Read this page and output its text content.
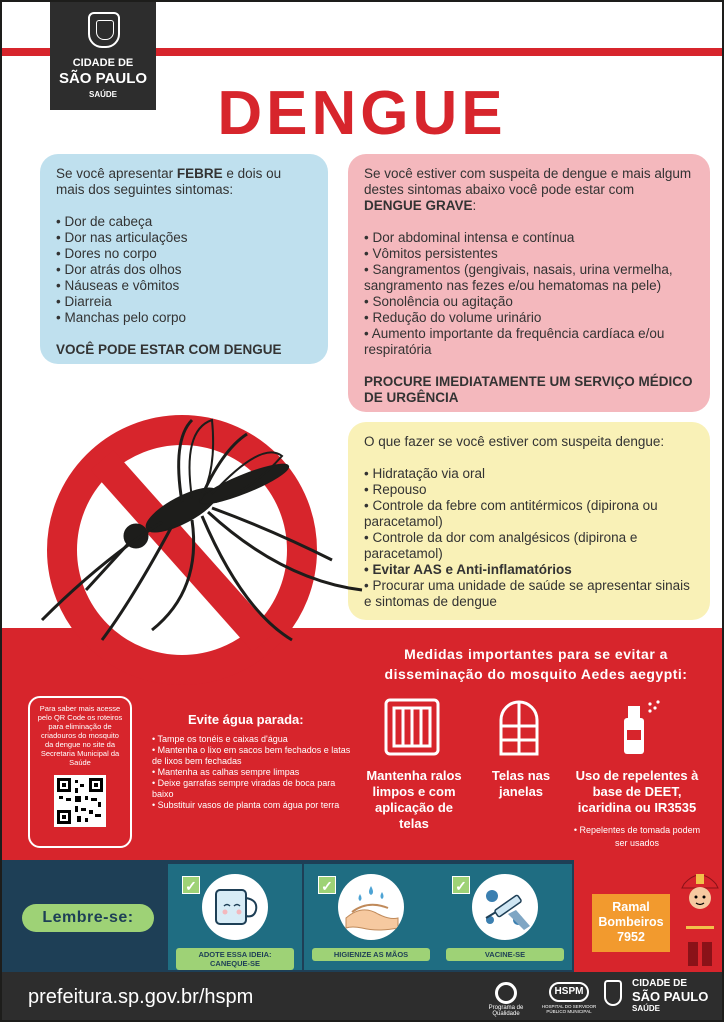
CIDADE DE
SÃO PAULO
SAÚDE	DENGUE

Se você apresentar FEBRE e dois ou mais dos seguintes sintomas:

• Dor de cabeça
• Dor nas articulações
• Dores no corpo
• Dor atrás dos olhos
• Náuseas e vômitos
• Diarreia
• Manchas pelo corpo

VOCÊ PODE ESTAR COM DENGUE

Se você estiver com suspeita de dengue e mais algum destes sintomas abaixo você pode estar com DENGUE GRAVE:

• Dor abdominal intensa e contínua
• Vômitos persistentes
• Sangramentos (gengivais, nasais, urina vermelha, sangramento nas fezes e/ou hematomas na pele)
• Sonolência ou agitação
• Redução do volume urinário
• Aumento importante da frequência cardíaca e/ou respiratória

PROCURE IMEDIATAMENTE UM SERVIÇO MÉDICO DE URGÊNCIA

O que fazer se você estiver com suspeita dengue:

• Hidratação via oral
• Repouso
• Controle da febre com antitérmicos (dipirona ou paracetamol)
• Controle da dor com analgésicos (dipirona e paracetamol)
• Evitar AAS e Anti-inflamatórios
• Procurar uma unidade de saúde se apresentar sinais e sintomas de dengue
Para saber mais acesse pelo QR Code os roteiros para eliminação de criadouros do mosquito da dengue no site da Secretaria Municipal da Saúde
Evite água parada:
• Tampe os tonéis e caixas d'água
• Mantenha o lixo em sacos bem fechados e latas de lixos bem fechadas
• Mantenha as calhas sempre limpas
• Deixe garrafas sempre viradas de boca para baixo
• Substituir vasos de planta com água por terra
Medidas importantes para se evitar a disseminação do mosquito Aedes aegypti:
Mantenha ralos limpos e com aplicação de telas
Telas nas janelas
Uso de repelentes à base de DEET, icaridina ou IR3535
• Repelentes de tomada podem ser usados
Lembre-se:
✓
ADOTE ESSA IDEIA: CANEQUE-SE
✓
HIGIENIZE AS MÃOS
✓
VACINE-SE
Ramal Bombeiros 7952
prefeitura.sp.gov.br/hspm	Programa de Qualidade
HSPM
HOSPITAL DO SERVIDOR PÚBLICO MUNICIPAL
CIDADE DE
SÃO PAULO
SAÚDE
